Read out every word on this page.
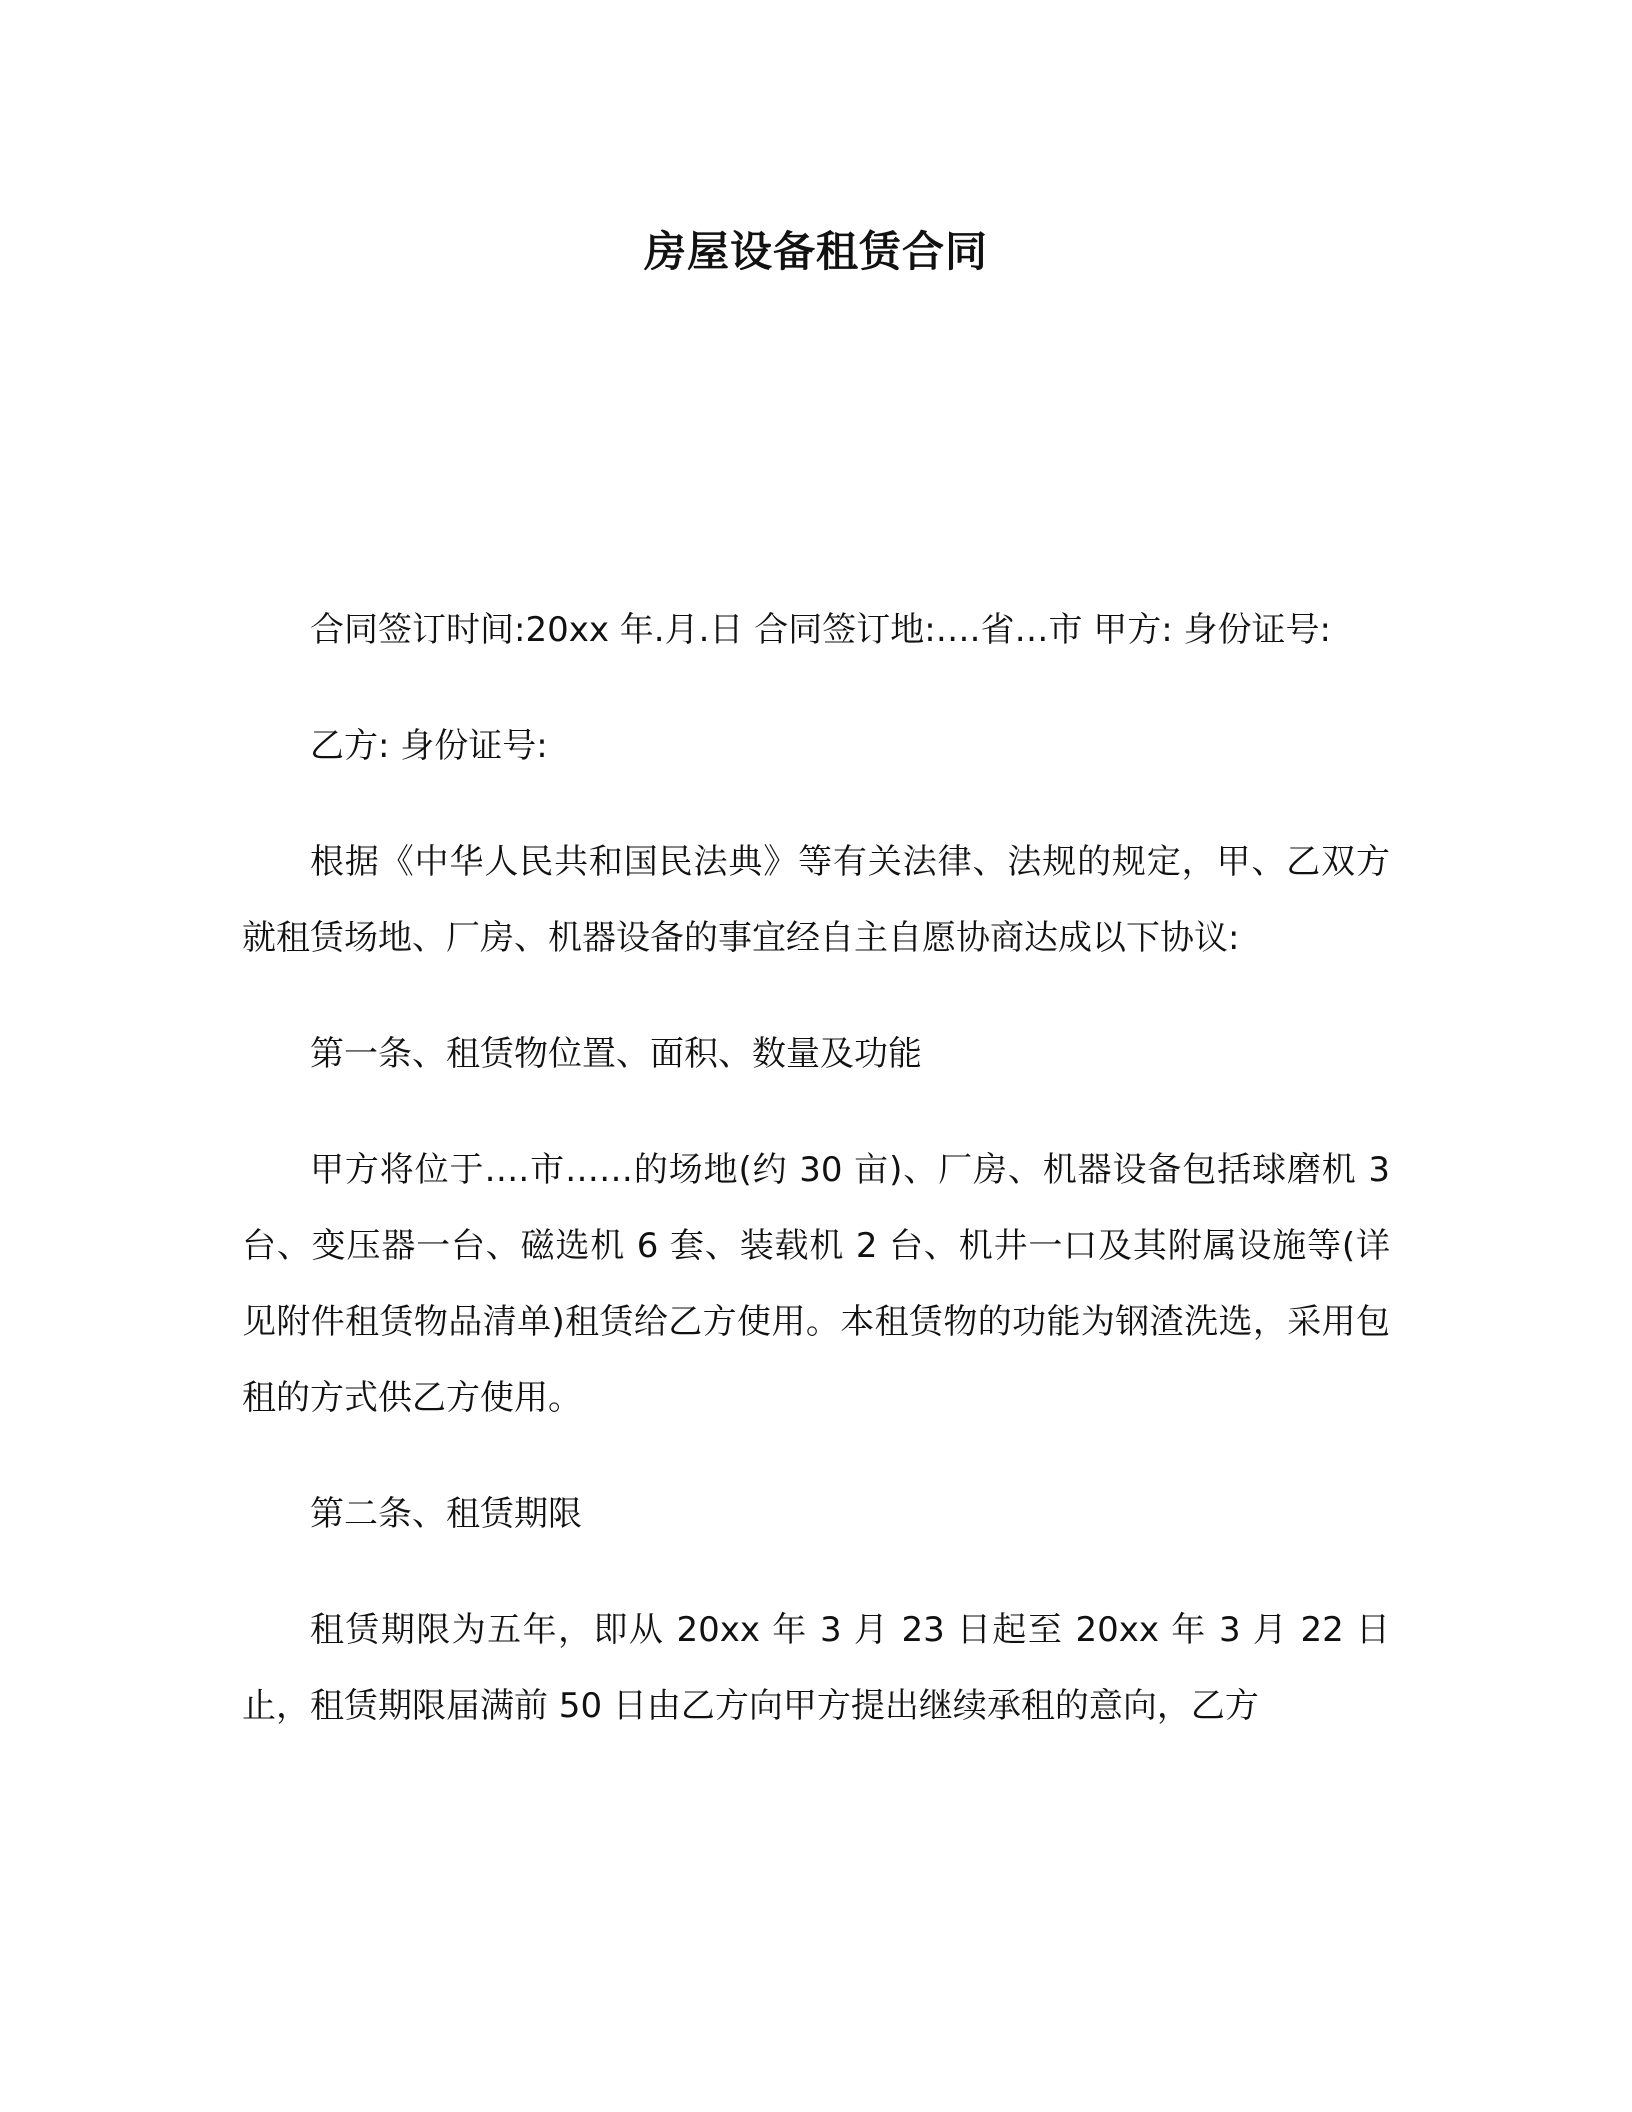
房屋设备租赁合同

合同签订时间:20xx 年.月.日 合同签订地:….省…市 甲方: 身份证号:

乙方: 身份证号:

根据《中华人民共和国民法典》等有关法律、法规的规定，甲、乙双方就租赁场地、厂房、机器设备的事宜经自主自愿协商达成以下协议:

第一条、租赁物位置、面积、数量及功能

甲方将位于….市……的场地(约 30 亩)、厂房、机器设备包括球磨机 3 台、变压器一台、磁选机 6 套、装载机 2 台、机井一口及其附属设施等(详见附件租赁物品清单)租赁给乙方使用。本租赁物的功能为钢渣洗选，采用包租的方式供乙方使用。

第二条、租赁期限

租赁期限为五年，即从 20xx 年 3 月 23 日起至 20xx 年 3 月 22 日止，租赁期限届满前 50 日由乙方向甲方提出继续承租的意向，乙方
